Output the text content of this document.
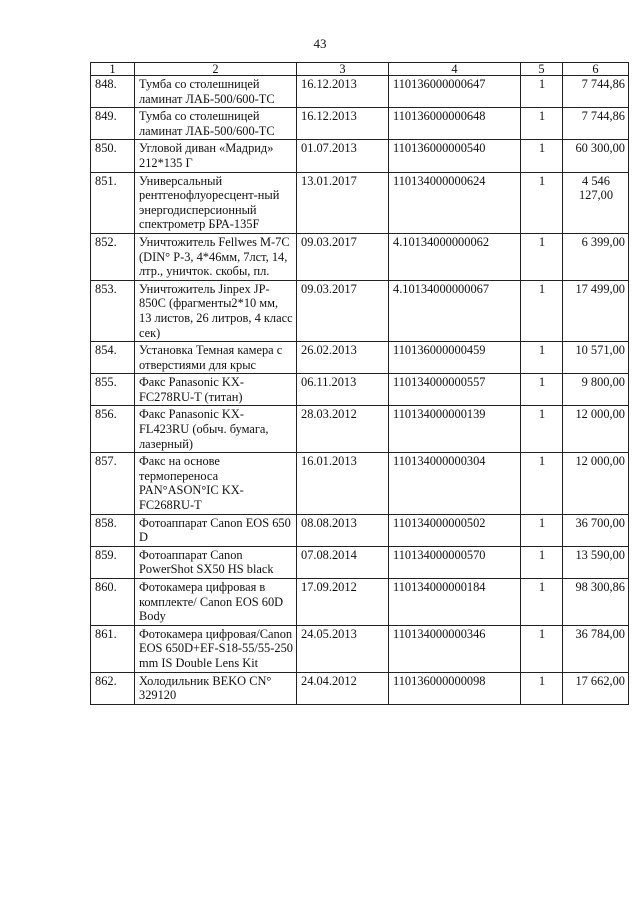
43
1	2	3	4	5	6
848.	Тумба со столешницей ламинат ЛАБ-500/600-ТС	16.12.2013	110136000000647	1	7 744,86
849.	Тумба со столешницей ламинат ЛАБ-500/600-ТС	16.12.2013	110136000000648	1	7 744,86
850.	Угловой диван «Мадрид» 212*135 Г	01.07.2013	110136000000540	1	60 300,00
851.	Универсальный рентгенофлуоресцент-ный энергодисперсионный спектрометр БРА-135F	13.01.2017	110134000000624	1	4 546 127,00
852.	Уничтожитель Fellwes M-7C (DIN° P-3, 4*46мм, 7лст, 14, лтр., уничток. скобы, пл.	09.03.2017	4.10134000000062	1	6 399,00
853.	Уничтожитель Jinpex JP-850C (фрагменты2*10 мм, 13 листов, 26 литров, 4 класс сек)	09.03.2017	4.10134000000067	1	17 499,00
854.	Установка Темная камера с отверстиями для крыс	26.02.2013	110136000000459	1	10 571,00
855.	Факс Panasonic KX-FC278RU-T (титан)	06.11.2013	110134000000557	1	9 800,00
856.	Факс Panasonic KX-FL423RU (обыч. бумага, лазерный)	28.03.2012	110134000000139	1	12 000,00
857.	Факс на основе термопереноса PAN°ASON°IC KX-FC268RU-T	16.01.2013	110134000000304	1	12 000,00
858.	Фотоаппарат Canon EOS 650 D	08.08.2013	110134000000502	1	36 700,00
859.	Фотоаппарат Canon PowerShot SX50 HS black	07.08.2014	110134000000570	1	13 590,00
860.	Фотокамера цифровая в комплекте/ Canon EOS 60D Body	17.09.2012	110134000000184	1	98 300,86
861.	Фотокамера цифровая/Canon EOS 650D+EF-S18-55/55-250 mm IS Double Lens Kit	24.05.2013	110134000000346	1	36 784,00
862.	Холодильник BEKO CN° 329120	24.04.2012	110136000000098	1	17 662,00
